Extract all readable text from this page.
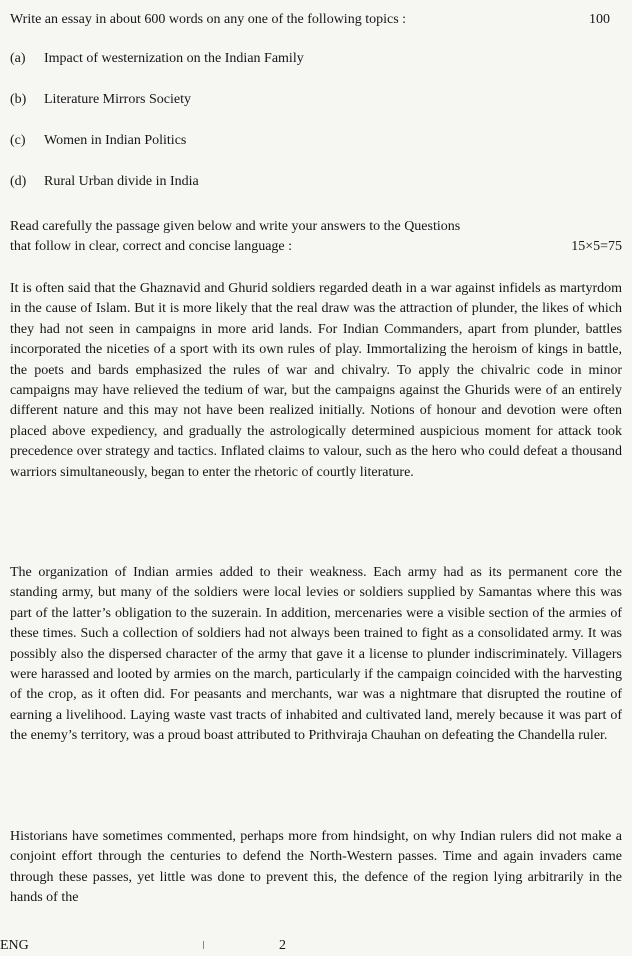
Write an essay in about 600 words on any one of the following topics :	100
(a) Impact of westernization on the Indian Family
(b) Literature Mirrors Society
(c) Women in Indian Politics
(d) Rural Urban divide in India
Read carefully the passage given below and write your answers to the Questions
that follow in clear, correct and concise language :	15×5=75

It is often said that the Ghaznavid and Ghurid soldiers regarded death in a war against infidels as martyrdom in the cause of Islam. But it is more likely that the real draw was the attraction of plunder, the likes of which they had not seen in campaigns in more arid lands. For Indian Commanders, apart from plunder, battles incorporated the niceties of a sport with its own rules of play. Immortalizing the heroism of kings in battle, the poets and bards emphasized the rules of war and chivalry. To apply the chivalric code in minor campaigns may have relieved the tedium of war, but the campaigns against the Ghurids were of an entirely different nature and this may not have been realized initially. Notions of honour and devotion were often placed above expediency, and gradually the astrologically determined auspicious moment for attack took precedence over strategy and tactics. Inflated claims to valour, such as the hero who could defeat a thousand warriors simultaneously, began to enter the rhetoric of courtly literature.

The organization of Indian armies added to their weakness. Each army had as its permanent core the standing army, but many of the soldiers were local levies or soldiers supplied by Samantas where this was part of the latter’s obligation to the suzerain. In addition, mercenaries were a visible section of the armies of these times. Such a collection of soldiers had not always been trained to fight as a consolidated army. It was possibly also the dispersed character of the army that gave it a license to plunder indiscriminately. Villagers were harassed and looted by armies on the march, particularly if the campaign coincided with the harvesting of the crop, as it often did. For peasants and merchants, war was a nightmare that disrupted the routine of earning a livelihood. Laying waste vast tracts of inhabited and cultivated land, merely because it was part of the enemy’s territory, was a proud boast attributed to Prithviraja Chauhan on defeating the Chandella ruler.

Historians have sometimes commented, perhaps more from hindsight, on why Indian rulers did not make a conjoint effort through the centuries to defend the North-Western passes. Time and again invaders came through these passes, yet little was done to prevent this, the defence of the region lying arbitrarily in the hands of the

ENG	2
